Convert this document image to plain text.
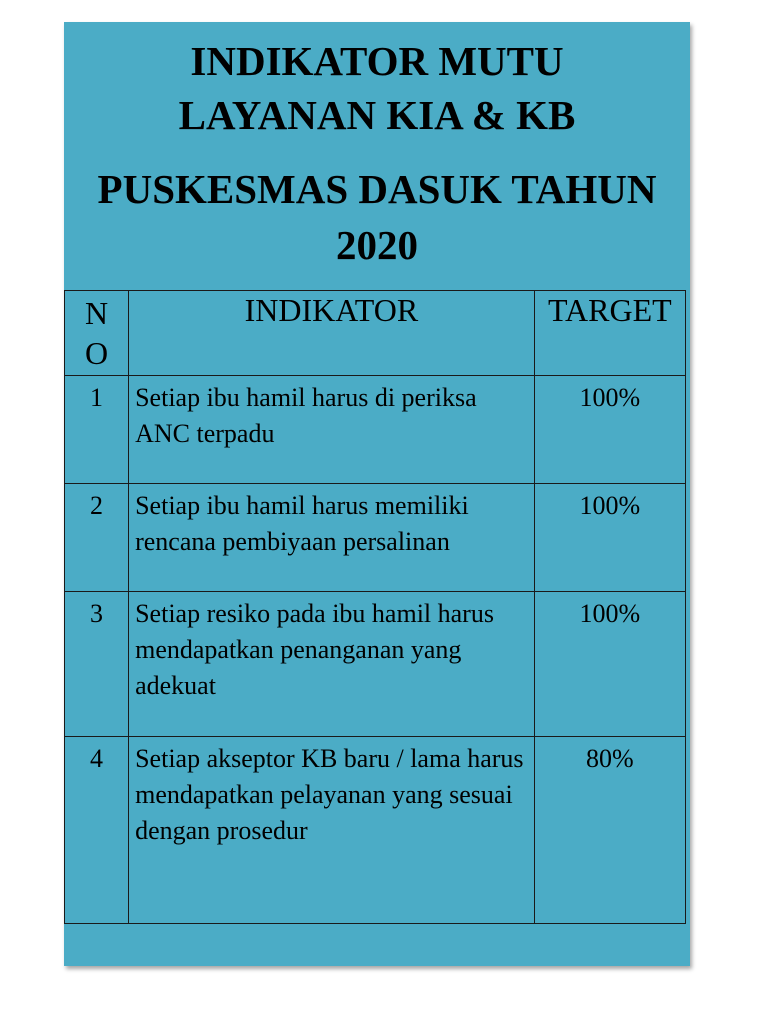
INDIKATOR MUTU
LAYANAN KIA & KB
PUSKESMAS DASUK TAHUN
2020
NO	INDIKATOR	TARGET
1	Setiap ibu hamil harus di periksa ANC terpadu	100%
2	Setiap ibu hamil harus memiliki rencana pembiyaan persalinan	100%
3	Setiap resiko pada ibu hamil harus mendapatkan penanganan yang adekuat	100%
4	Setiap akseptor KB baru / lama harus mendapatkan pelayanan yang sesuai dengan prosedur	80%
